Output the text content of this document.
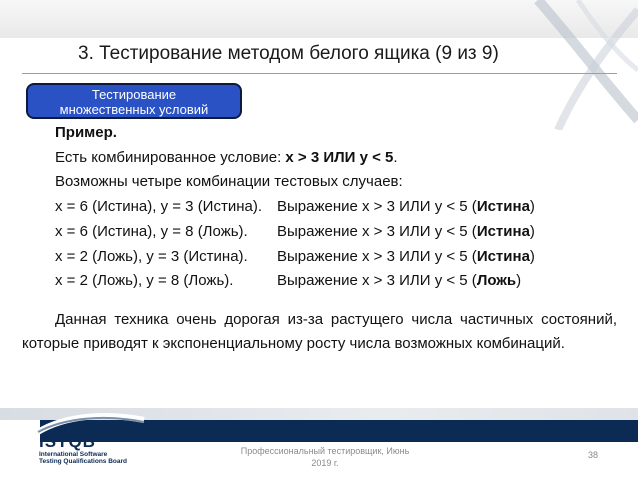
3. Тестирование методом белого ящика (9 из 9)
Тестирование
множественных условий
Пример.
Есть комбинированное условие: x > 3 ИЛИ y < 5.
Возможны четыре комбинации тестовых случаев:
x = 6 (Истина), y = 3 (Истина). Выражение x > 3 ИЛИ y < 5 (Истина)
x = 6 (Истина), y = 8 (Ложь).	Выражение x > 3 ИЛИ y < 5 (Истина)
x = 2 (Ложь), y = 3 (Истина).	Выражение x > 3 ИЛИ y < 5 (Истина)
x = 2 (Ложь), y = 8 (Ложь).	Выражение x > 3 ИЛИ y < 5 (Ложь)
Данная техника очень дорогая из-за растущего числа частичных состояний, которые приводят к экспоненциальному росту числа возможных комбинаций.
ISTQB
International Software
Testing Qualifications Board
Профессиональный тестировщик, Июнь
2019 г.
38
